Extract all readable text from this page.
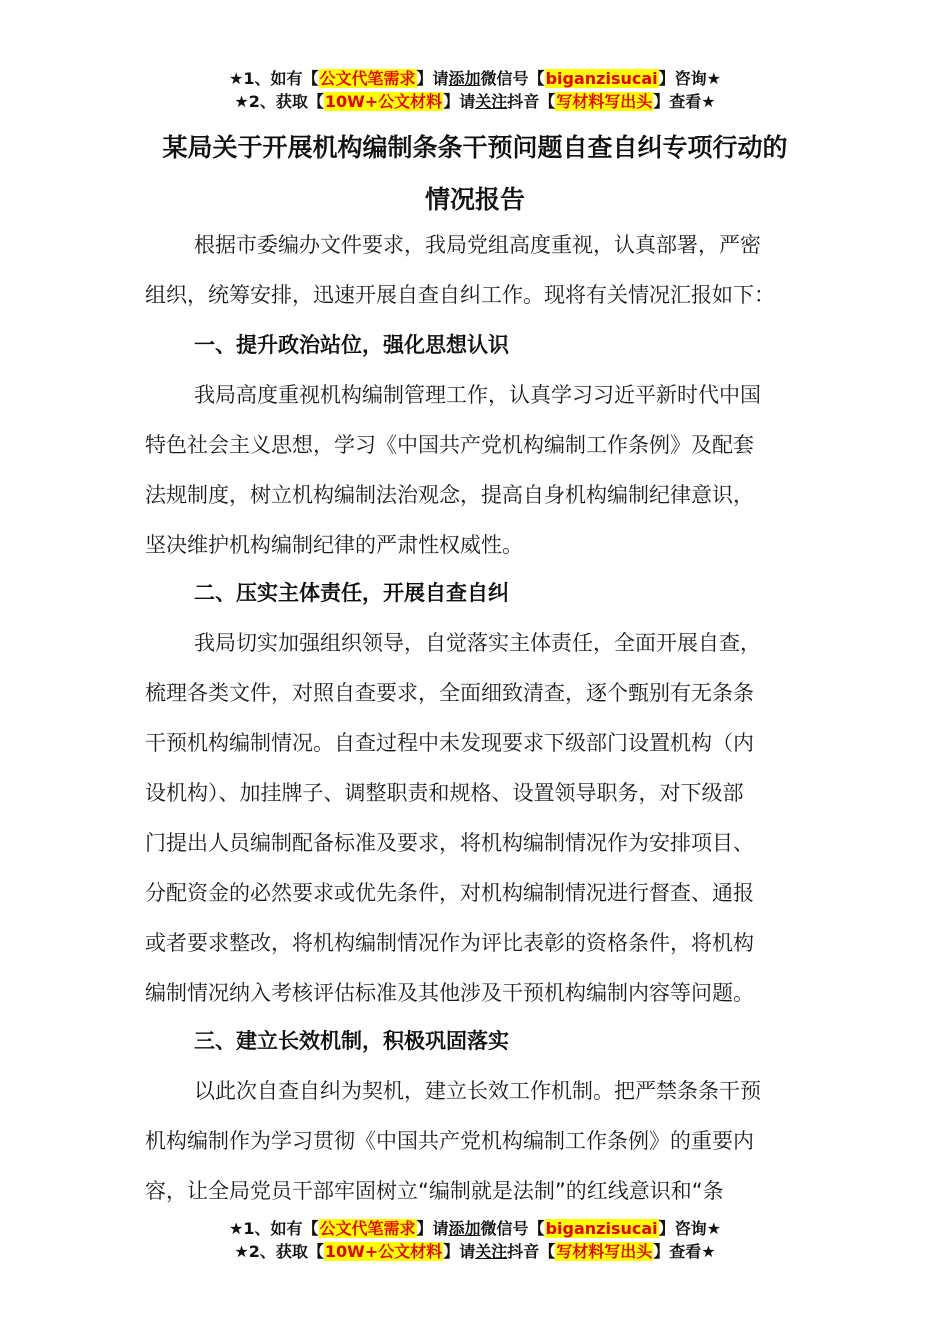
★1、如有【公文代笔需求】请添加微信号【biganzisucai】咨询★
★2、获取【10W+公文材料】请关注抖音【写材料写出头】查看★
某局关于开展机构编制条条干预问题自查自纠专项行动的
情况报告
根据市委编办文件要求，我局党组高度重视，认真部署，严密
组织，统筹安排，迅速开展自查自纠工作。现将有关情况汇报如下：
一、提升政治站位，强化思想认识
我局高度重视机构编制管理工作，认真学习习近平新时代中国
特色社会主义思想，学习《中国共产党机构编制工作条例》及配套
法规制度，树立机构编制法治观念，提高自身机构编制纪律意识，
坚决维护机构编制纪律的严肃性权威性。
二、压实主体责任，开展自查自纠
我局切实加强组织领导，自觉落实主体责任，全面开展自查，
梳理各类文件，对照自查要求，全面细致清查，逐个甄别有无条条
干预机构编制情况。自查过程中未发现要求下级部门设置机构（内
设机构）、加挂牌子、调整职责和规格、设置领导职务，对下级部
门提出人员编制配备标准及要求，将机构编制情况作为安排项目、
分配资金的必然要求或优先条件，对机构编制情况进行督查、通报
或者要求整改，将机构编制情况作为评比表彰的资格条件，将机构
编制情况纳入考核评估标准及其他涉及干预机构编制内容等问题。
三、建立长效机制，积极巩固落实
以此次自查自纠为契机，建立长效工作机制。把严禁条条干预
机构编制作为学习贯彻《中国共产党机构编制工作条例》的重要内
容，让全局党员干部牢固树立“编制就是法制”的红线意识和“条
★1、如有【公文代笔需求】请添加微信号【biganzisucai】咨询★
★2、获取【10W+公文材料】请关注抖音【写材料写出头】查看★
